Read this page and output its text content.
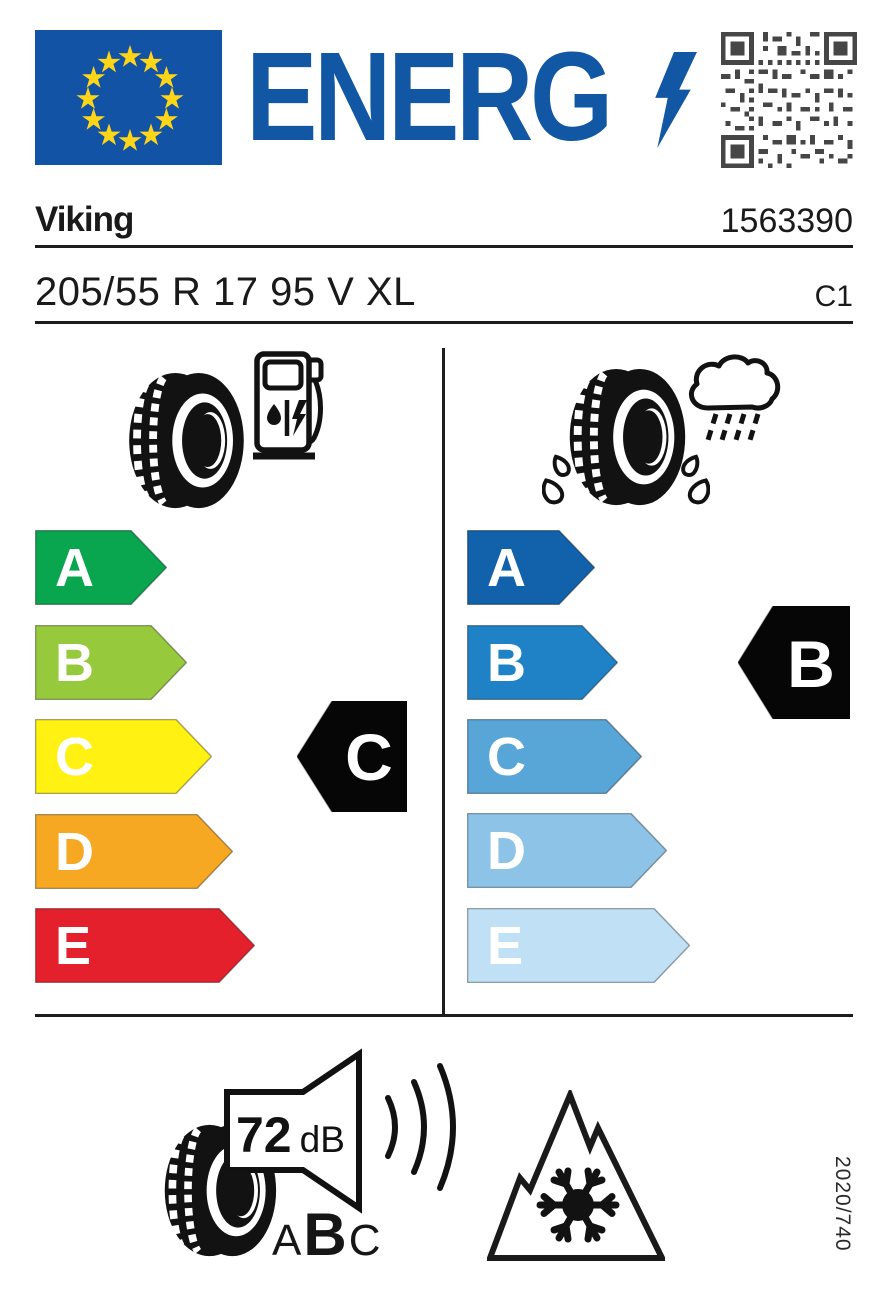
ENERG
Viking	1563390
205/55 R 17 95 V XL	C1
A
B
C
D
E
C
A
B
C
D
E
B
72 dB
A B C	2020/740
